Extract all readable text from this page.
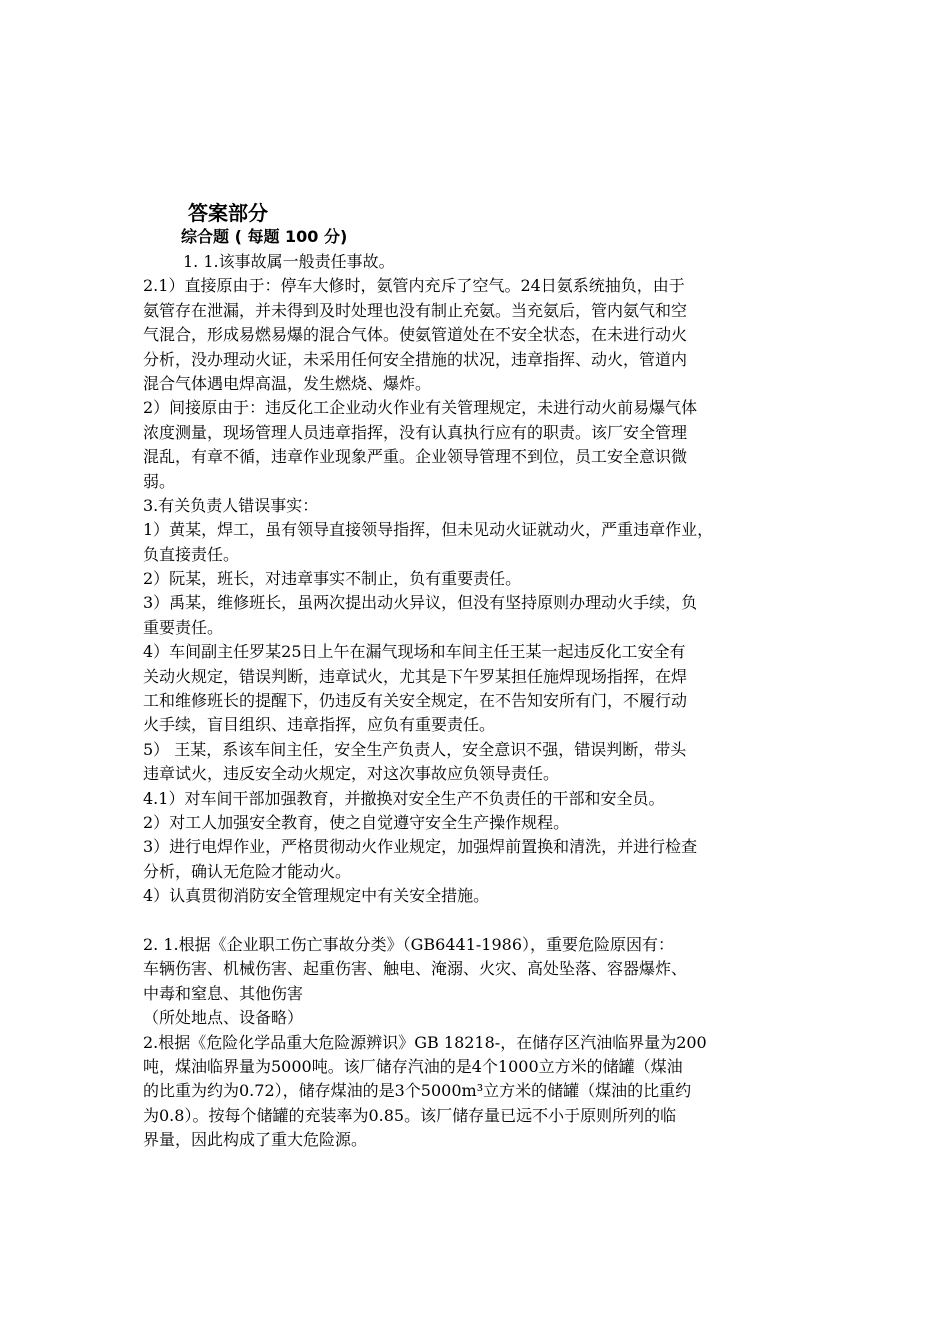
答案部分
综合题 ( 每题 100 分)
1. 1.该事故属一般责任事故。
2.1）直接原由于：停车大修时，氨管内充斥了空气。24日氨系统抽负，由于
氨管存在泄漏，并未得到及时处理也没有制止充氨。当充氨后，管内氨气和空
气混合，形成易燃易爆的混合气体。使氨管道处在不安全状态，在未进行动火
分析，没办理动火证，未采用任何安全措施的状况，违章指挥、动火，管道内
混合气体遇电焊高温，发生燃烧、爆炸。
2）间接原由于：违反化工企业动火作业有关管理规定，未进行动火前易爆气体
浓度测量，现场管理人员违章指挥，没有认真执行应有的职责。该厂安全管理
混乱，有章不循，违章作业现象严重。企业领导管理不到位，员工安全意识微
弱。
3.有关负责人错误事实：
1）黄某，焊工，虽有领导直接领导指挥，但未见动火证就动火，严重违章作业，
负直接责任。
2）阮某，班长，对违章事实不制止，负有重要责任。
3）禹某，维修班长，虽两次提出动火异议，但没有坚持原则办理动火手续，负
重要责任。
4）车间副主任罗某25日上午在漏气现场和车间主任王某一起违反化工安全有
关动火规定，错误判断，违章试火，尤其是下午罗某担任施焊现场指挥，在焊
工和维修班长的提醒下，仍违反有关安全规定，在不告知安所有门，不履行动
火手续，盲目组织、违章指挥，应负有重要责任。
5） 王某，系该车间主任，安全生产负责人，安全意识不强，错误判断，带头
违章试火，违反安全动火规定，对这次事故应负领导责任。
4.1）对车间干部加强教育，并撤换对安全生产不负责任的干部和安全员。
2）对工人加强安全教育，使之自觉遵守安全生产操作规程。
3）进行电焊作业，严格贯彻动火作业规定，加强焊前置换和清洗，并进行检查
分析，确认无危险才能动火。
4）认真贯彻消防安全管理规定中有关安全措施。
2. 1.根据《企业职工伤亡事故分类》（GB6441-1986），重要危险原因有：
车辆伤害、机械伤害、起重伤害、触电、淹溺、火灾、高处坠落、容器爆炸、
中毒和窒息、其他伤害
（所处地点、设备略）
2.根据《危险化学品重大危险源辨识》GB 18218-，在储存区汽油临界量为200
吨，煤油临界量为5000吨。该厂储存汽油的是4个1000立方米的储罐（煤油
的比重为约为0.72），储存煤油的是3个5000m³立方米的储罐（煤油的比重约
为0.8）。按每个储罐的充装率为0.85。该厂储存量已远不小于原则所列的临
界量，因此构成了重大危险源。
